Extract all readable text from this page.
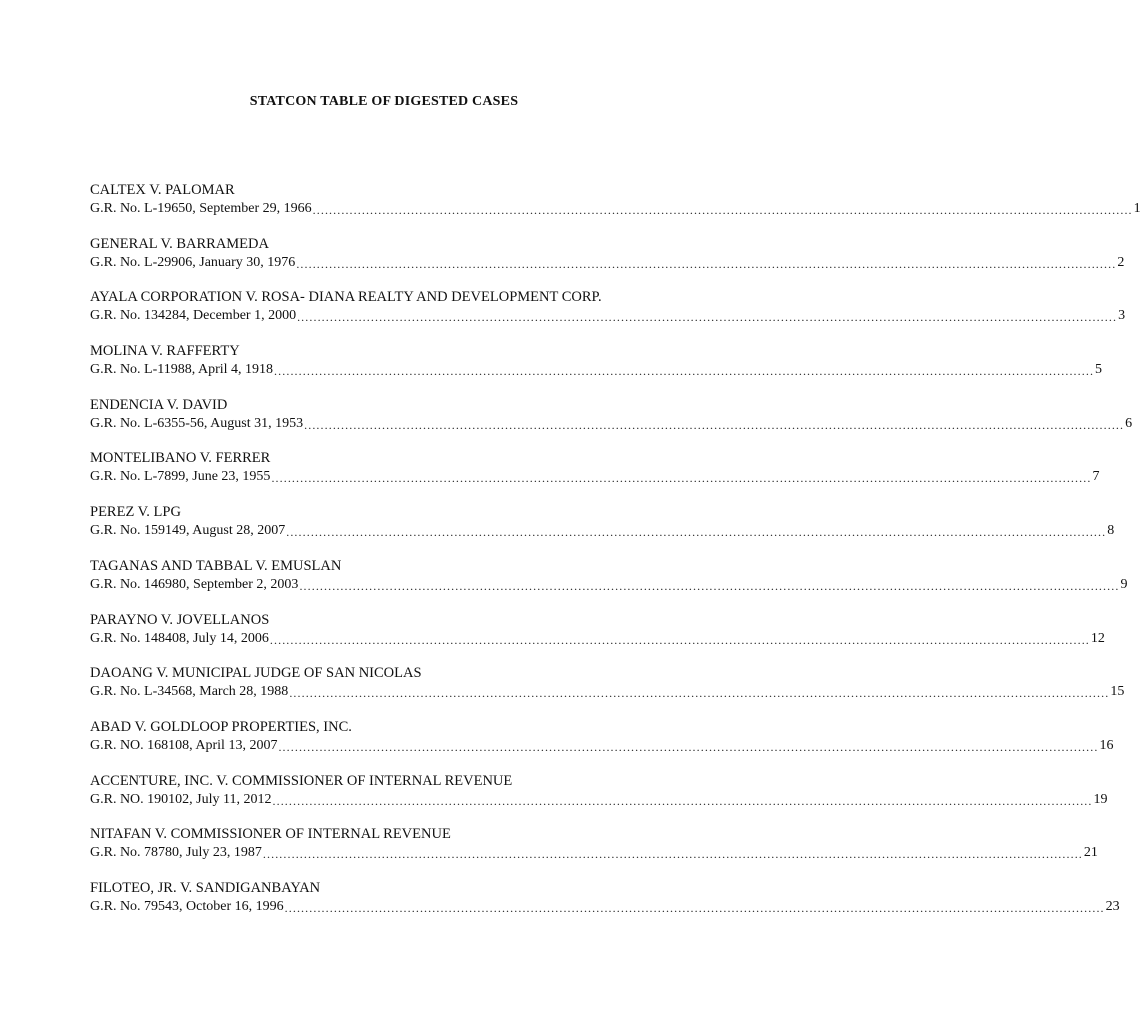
STATCON TABLE OF DIGESTED CASES
CALTEX V. PALOMAR
G.R. No. L-19650, September 29, 1966 ........................................................................................................................................................................................................ 1
GENERAL V. BARRAMEDA
G.R. No. L-29906, January 30, 1976 ........................................................................................................................................................................................................ 2
AYALA CORPORATION V. ROSA- DIANA REALTY AND DEVELOPMENT CORP.
G.R. No. 134284, December 1, 2000 ........................................................................................................................................................................................................ 3
MOLINA V. RAFFERTY
G.R. No. L-11988, April 4, 1918 ........................................................................................................................................................................................................ 5
ENDENCIA V. DAVID
G.R. No. L-6355-56, August 31, 1953 ........................................................................................................................................................................................................ 6
MONTELIBANO V. FERRER
G.R. No. L-7899, June 23, 1955 ........................................................................................................................................................................................................ 7
PEREZ V. LPG
G.R. No. 159149, August 28, 2007 ........................................................................................................................................................................................................ 8
TAGANAS AND TABBAL V. EMUSLAN
G.R. No. 146980, September 2, 2003 ........................................................................................................................................................................................................ 9
PARAYNO V. JOVELLANOS
G.R. No. 148408, July 14, 2006 ........................................................................................................................................................................................................ 12
DAOANG V. MUNICIPAL JUDGE OF SAN NICOLAS
G.R. No. L-34568, March 28, 1988 ........................................................................................................................................................................................................ 15
ABAD V. GOLDLOOP PROPERTIES, INC.
G.R. NO. 168108, April 13, 2007 ........................................................................................................................................................................................................ 16
ACCENTURE, INC. V. COMMISSIONER OF INTERNAL REVENUE
G.R. NO. 190102, July 11, 2012 ........................................................................................................................................................................................................ 19
NITAFAN V. COMMISSIONER OF INTERNAL REVENUE
G.R. No. 78780, July 23, 1987 ........................................................................................................................................................................................................ 21
FILOTEO, JR. V. SANDIGANBAYAN
G.R. No. 79543, October 16, 1996 ........................................................................................................................................................................................................ 23
